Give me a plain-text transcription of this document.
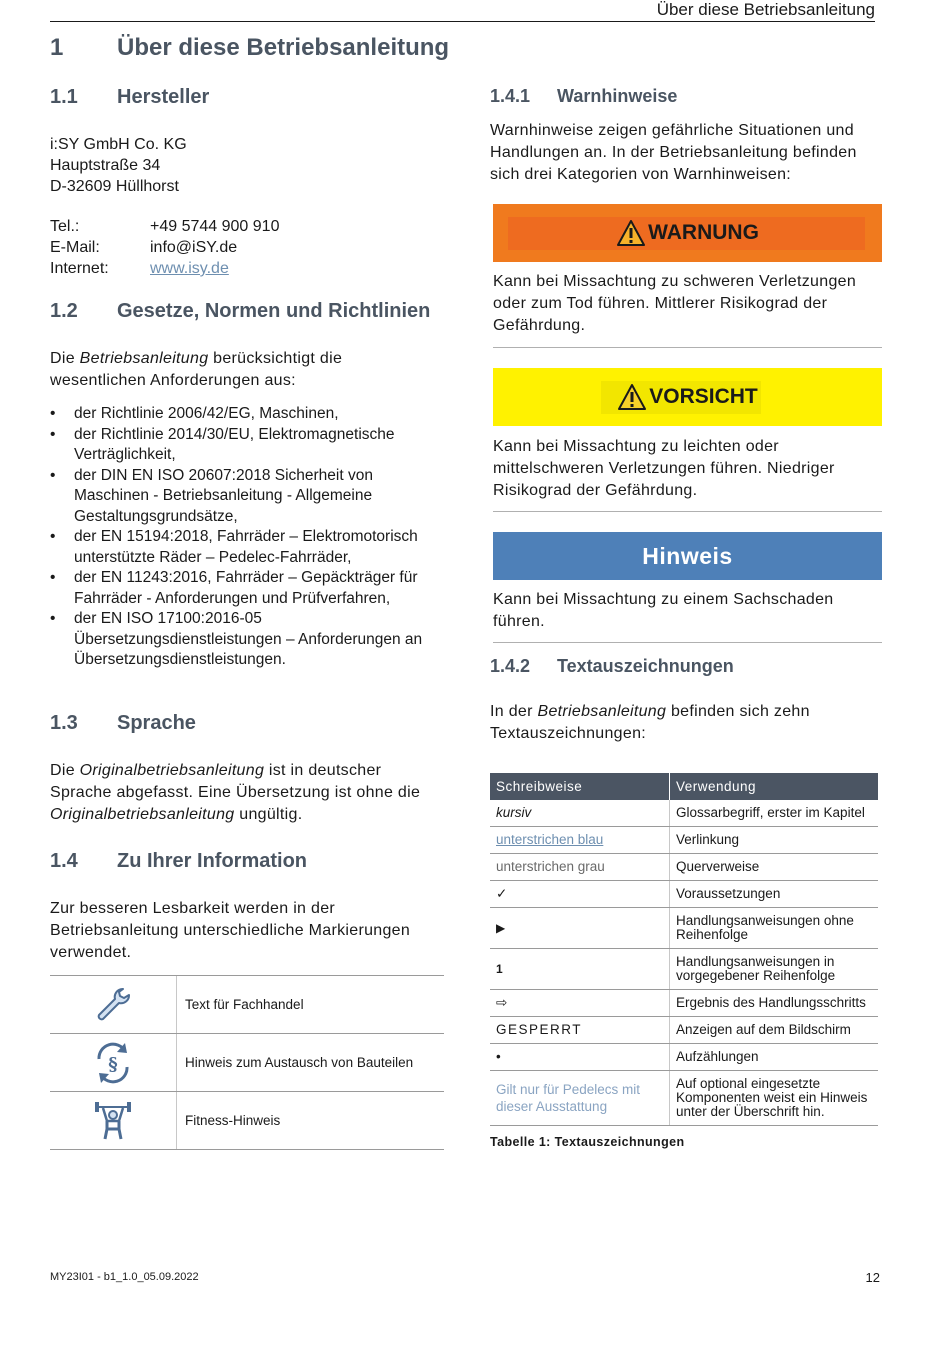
Über diese Betriebsanleitung
1 Über diese Betriebsanleitung
1.1 Hersteller
i:SY GmbH Co. KG
Hauptstraße 34
D-32609 Hüllhorst
Tel.:	+49 5744 900 910
E-Mail:	info@iSY.de
Internet:	www.isy.de
1.2 Gesetze, Normen und Richtlinien
Die Betriebsanleitung berücksichtigt die wesentlichen Anforderungen aus:
• der Richtlinie 2006/42/EG, Maschinen,
• der Richtlinie 2014/30/EU, Elektromagnetische Verträglichkeit,
• der DIN EN ISO 20607:2018 Sicherheit von Maschinen - Betriebsanleitung - Allgemeine Gestaltungsgrundsätze,
• der EN 15194:2018, Fahrräder – Elektromotorisch unterstützte Räder – Pedelec-Fahrräder,
• der EN 11243:2016, Fahrräder – Gepäckträger für Fahrräder - Anforderungen und Prüfverfahren,
• der EN ISO 17100:2016-05 Übersetzungsdienstleistungen – Anforderungen an Übersetzungsdienstleistungen.
1.3 Sprache
Die Originalbetriebsanleitung ist in deutscher Sprache abgefasst. Eine Übersetzung ist ohne die Originalbetriebsanleitung ungültig.
1.4 Zu Ihrer Information
Zur besseren Lesbarkeit werden in der Betriebsanleitung unterschiedliche Markierungen verwendet.
Text für Fachhandel
§	Hinweis zum Austausch von Bauteilen
Fitness-Hinweis
1.4.1 Warnhinweise
Warnhinweise zeigen gefährliche Situationen und Handlungen an. In der Betriebsanleitung befinden sich drei Kategorien von Warnhinweisen:
WARNUNG
Kann bei Missachtung zu schweren Verletzungen oder zum Tod führen. Mittlerer Risikograd der Gefährdung.
VORSICHT
Kann bei Missachtung zu leichten oder mittelschweren Verletzungen führen. Niedriger Risikograd der Gefährdung.
Hinweis
Kann bei Missachtung zu einem Sachschaden führen.
1.4.2 Textauszeichnungen
In der Betriebsanleitung befinden sich zehn Textauszeichnungen:
Schreibweise	Verwendung
kursiv	Glossarbegriff, erster im Kapitel
unterstrichen blau	Verlinkung
unterstrichen grau	Querverweise
✓	Voraussetzungen
▶	Handlungsanweisungen ohne Reihenfolge
1	Handlungsanweisungen in vorgegebener Reihenfolge
⇨	Ergebnis des Handlungsschritts
GESPERRT	Anzeigen auf dem Bildschirm
•	Aufzählungen
Gilt nur für Pedelecs mit dieser Ausstattung	Auf optional eingesetzte Komponenten weist ein Hinweis unter der Überschrift hin.
Tabelle 1: Textauszeichnungen
MY23I01 - b1_1.0_05.09.2022	12
